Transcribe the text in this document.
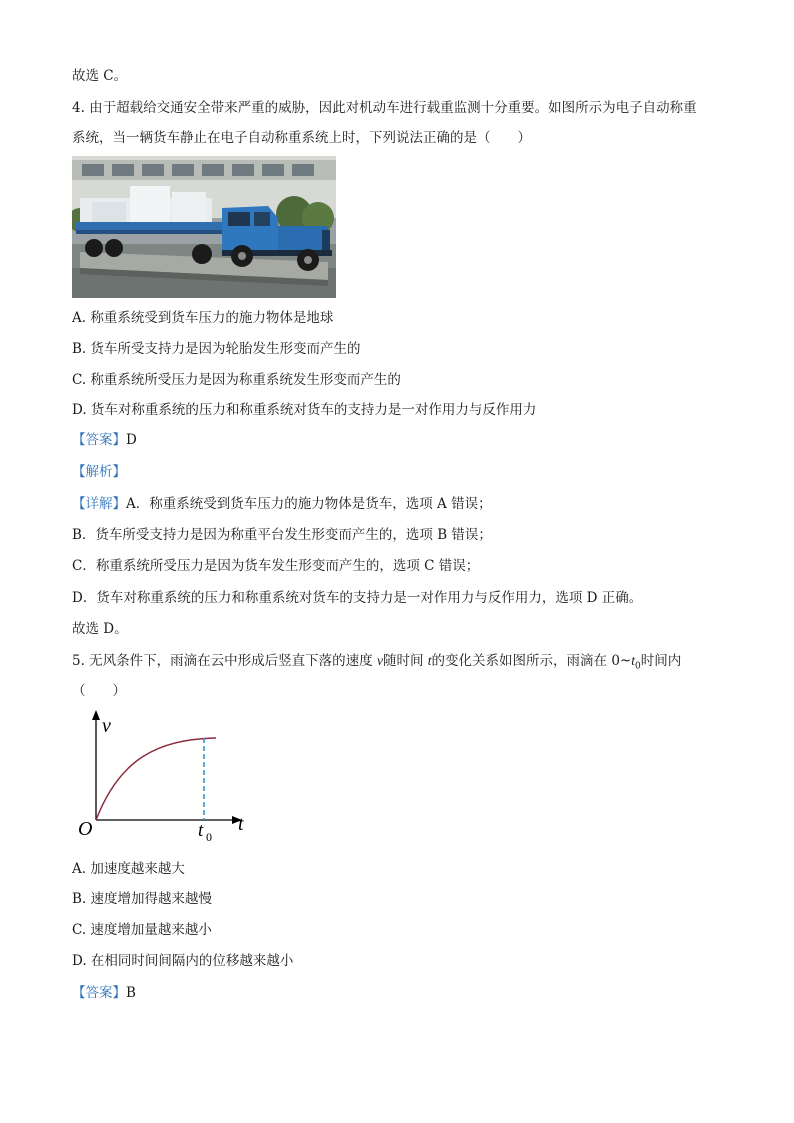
故选 C。
4. 由于超载给交通安全带来严重的威胁，因此对机动车进行载重监测十分重要。如图所示为电子自动称重
系统，当一辆货车静止在电子自动称重系统上时，下列说法正确的是（　　）
A. 称重系统受到货车压力的施力物体是地球
B. 货车所受支持力是因为轮胎发生形变而产生的
C. 称重系统所受压力是因为称重系统发生形变而产生的
D. 货车对称重系统的压力和称重系统对货车的支持力是一对作用力与反作用力
【答案】D
【解析】
【详解】A．称重系统受到货车压力的施力物体是货车，选项 A 错误；
B．货车所受支持力是因为称重平台发生形变而产生的，选项 B 错误；
C．称重系统所受压力是因为货车发生形变而产生的，选项 C 错误；
D．货车对称重系统的压力和称重系统对货车的支持力是一对作用力与反作用力，选项 D 正确。
故选 D。
5. 无风条件下，雨滴在云中形成后竖直下落的速度 v随时间 t的变化关系如图所示，雨滴在 $0\sim t_0$时间内
（　　）
v
t
O	t 0
A. 加速度越来越大
B. 速度增加得越来越慢
C. 速度增加量越来越小
D. 在相同时间间隔内的位移越来越小
【答案】B
